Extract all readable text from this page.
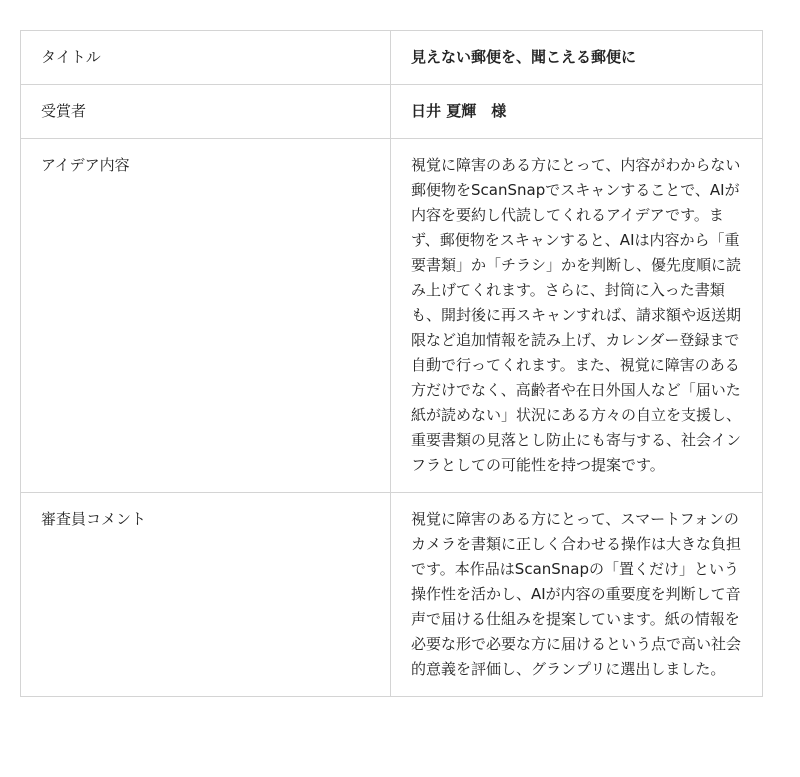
タイトル	見えない郵便を、聞こえる郵便に
受賞者	日井 夏輝　様
アイデア内容	視覚に障害のある方にとって、内容がわからない郵便物をScanSnapでスキャンすることで、AIが内容を要約し代読してくれるアイデアです。まず、郵便物をスキャンすると、AIは内容から「重要書類」か「チラシ」かを判断し、優先度順に読み上げてくれます。さらに、封筒に入った書類も、開封後に再スキャンすれば、請求額や返送期限など追加情報を読み上げ、カレンダー登録まで自動で行ってくれます。また、視覚に障害のある方だけでなく、高齢者や在日外国人など「届いた紙が読めない」状況にある方々の自立を支援し、重要書類の見落とし防止にも寄与する、社会インフラとしての可能性を持つ提案です。
審査員コメント	視覚に障害のある方にとって、スマートフォンのカメラを書類に正しく合わせる操作は大きな負担です。本作品はScanSnapの「置くだけ」という操作性を活かし、AIが内容の重要度を判断して音声で届ける仕組みを提案しています。紙の情報を必要な形で必要な方に届けるという点で高い社会的意義を評価し、グランプリに選出しました。
